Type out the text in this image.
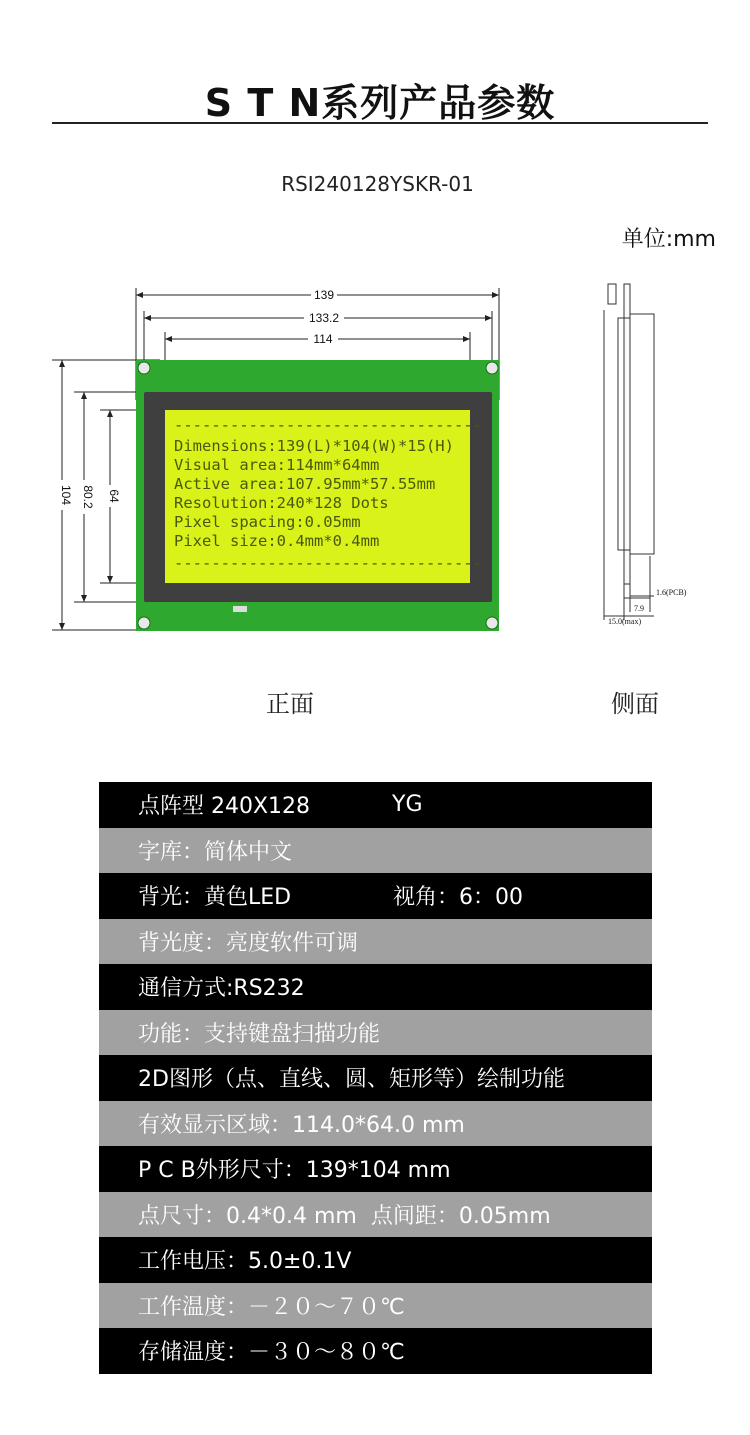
S T N系列产品参数
RSI240128YSKR-01
单位:mm
139
133.2
114
104 80.2 64
---------------------------------
Dimensions:139(L)*104(W)*15(H)
Visual area:114mm*64mm
Active area:107.95mm*57.55mm
Resolution:240*128 Dots
Pixel spacing:0.05mm
Pixel size:0.4mm*0.4mm
---------------------------------
1.6(PCB)
7.9
15.0(max)
正面	侧面
点阵型 240X128	YG
字库：简体中文
背光：黄色LED	视角：6：00
背光度：亮度软件可调
通信方式:RS232
功能：支持键盘扫描功能
2D图形（点、直线、圆、矩形等）绘制功能
有效显示区域：114.0*64.0 mm
P C B外形尺寸：139*104 mm
点尺寸：0.4*0.4 mm  点间距：0.05mm
工作电压：5.0±0.1V
工作温度：－２０～７０℃
存储温度：－３０～８０℃
